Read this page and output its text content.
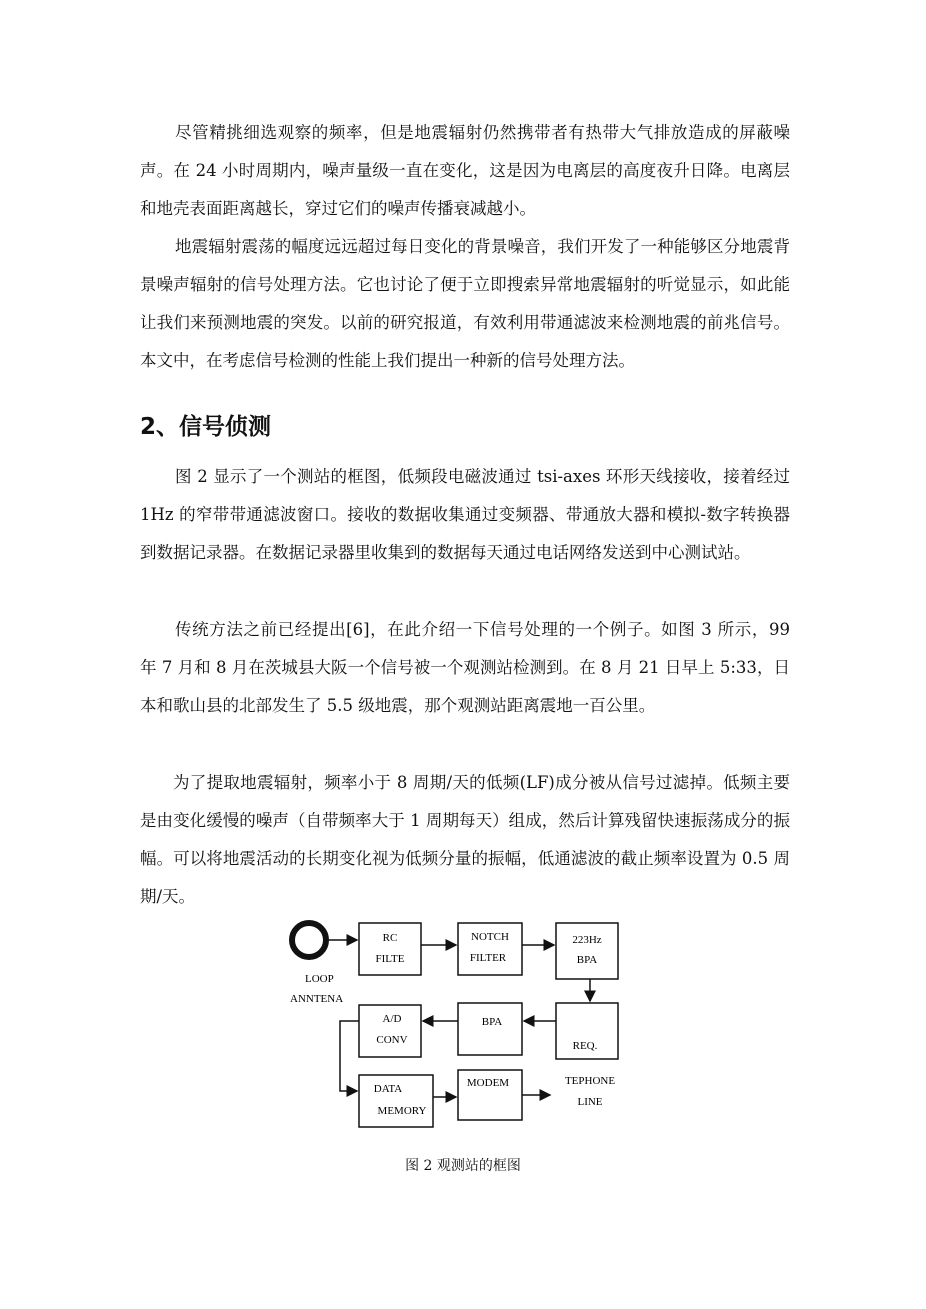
尽管精挑细选观察的频率，但是地震辐射仍然携带者有热带大气排放造成的屏蔽噪声。在 24 小时周期内，噪声量级一直在变化，这是因为电离层的高度夜升日降。电离层和地壳表面距离越长，穿过它们的噪声传播衰减越小。

地震辐射震荡的幅度远远超过每日变化的背景噪音，我们开发了一种能够区分地震背景噪声辐射的信号处理方法。它也讨论了便于立即搜索异常地震辐射的听觉显示，如此能让我们来预测地震的突发。以前的研究报道，有效利用带通滤波来检测地震的前兆信号。本文中，在考虑信号检测的性能上我们提出一种新的信号处理方法。

2、信号侦测

图 2 显示了一个测站的框图，低频段电磁波通过 tsi-axes 环形天线接收，接着经过 1Hz 的窄带带通滤波窗口。接收的数据收集通过变频器、带通放大器和模拟-数字转换器到数据记录器。在数据记录器里收集到的数据每天通过电话网络发送到中心测试站。

传统方法之前已经提出[6]，在此介绍一下信号处理的一个例子。如图 3 所示，99 年 7 月和 8 月在茨城县大阪一个信号被一个观测站检测到。在 8 月 21 日早上 5:33，日本和歌山县的北部发生了 5.5 级地震，那个观测站距离震地一百公里。

为了提取地震辐射，频率小于 8 周期/天的低频(LF)成分被从信号过滤掉。低频主要是由变化缓慢的噪声（自带频率大于 1 周期每天）组成，然后计算残留快速振荡成分的振幅。可以将地震活动的长期变化视为低频分量的振幅，低通滤波的截止频率设置为 0.5 周期/天。

LOOP
ANNTENA
RC
FILTE
NOTCH
FILTER
223Hz
BPA
REQ.
BPA
A/D
CONV
DATA
MEMORY
MODEM	TEPHONE
LINE
图 2 观测站的框图
